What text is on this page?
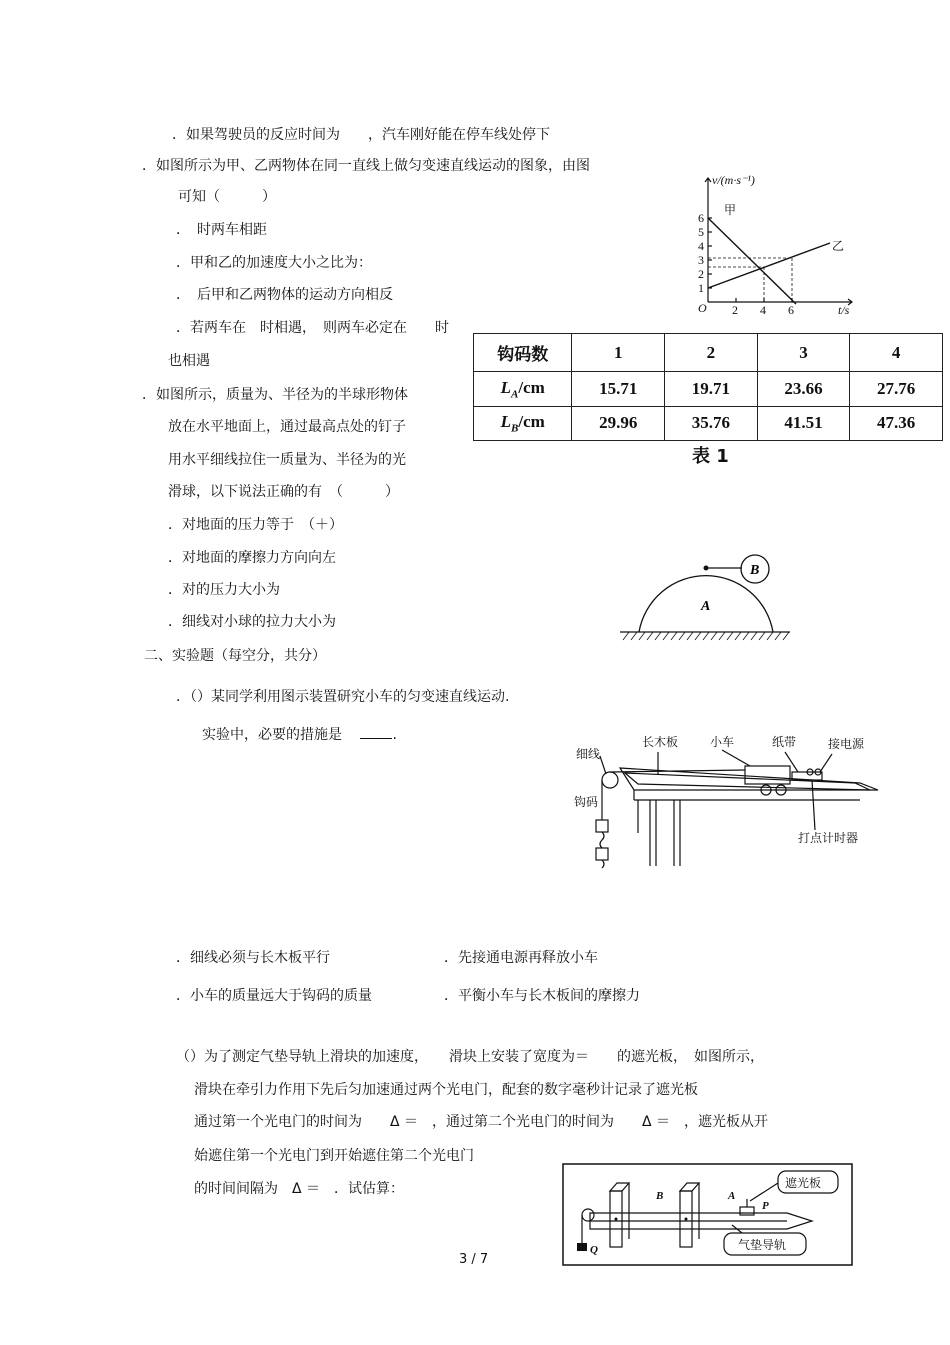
．如果驾驶员的反应时间为　　，汽车刚好能在停车线处停下
．如图所示为甲、乙两物体在同一直线上做匀变速直线运动的图象，由图
可知（　　　）
．　时两车相距
．甲和乙的加速度大小之比为：
．　后甲和乙两物体的运动方向相反
．若两车在　时相遇，　则两车必定在　　时
也相遇
．如图所示，质量为、半径为的半球形物体
放在水平地面上，通过最高点处的钉子
用水平细线拉住一质量为、半径为的光
滑球，以下说法正确的有　（　　　）
．对地面的压力等于　（＋）
．对地面的摩擦力方向向左
．对的压力大小为
．细线对小球的拉力大小为
二、实验题（每空分，共分）
．（）某同学利用图示装置研究小车的匀变速直线运动.
实验中，必要的措施是　	.
．细线必须与长木板平行	．先接通电源再释放小车
．小车的质量远大于钩码的质量	．平衡小车与长木板间的摩擦力
（）为了测定气垫导轨上滑块的加速度，　　滑块上安装了宽度为＝　　的遮光板，　如图所示，
滑块在牵引力作用下先后匀加速通过两个光电门，配套的数字毫秒计记录了遮光板
通过第一个光电门的时间为　　Δ ＝　，通过第二个光电门的时间为　　Δ ＝　，遮光板从开
始遮住第一个光电门到开始遮住第二个光电门
的时间间隔为　Δ ＝　．试估算：
v/(m·s⁻¹)
t/s
O
1
2
3
4
5
6
2 4 6
甲
乙
钩码数	1	2	3	4
$L_A/cm$	15.71	19.71	23.66	27.76
$L_B/cm$	29.96	35.76	41.51	47.36
表 1
A
B
长木板	小车	纸带	接电源
细线
钩码
打点计时器
遮光板
气垫导轨
B	A
P
Q
3 / 7
